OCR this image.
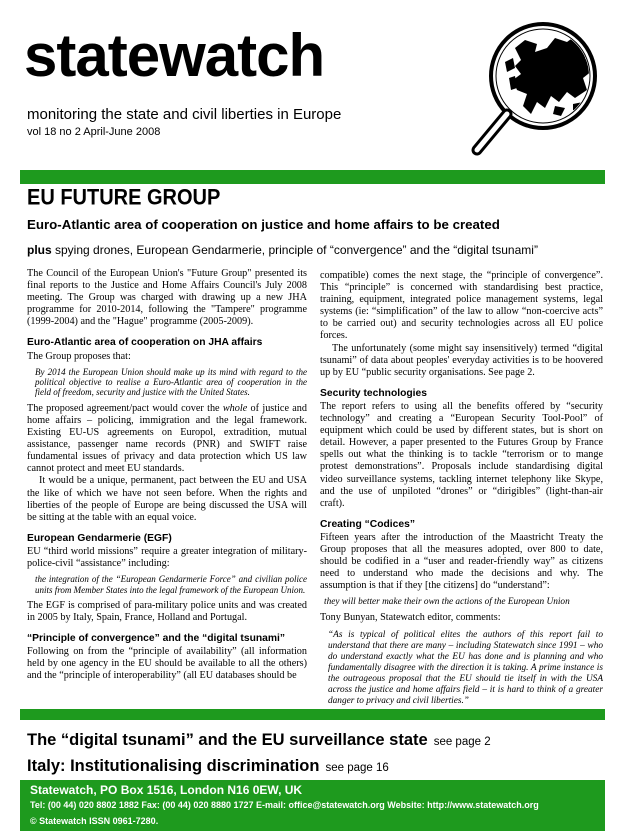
statewatch
monitoring the state and civil liberties in Europe
vol 18 no 2 April-June 2008
EU FUTURE GROUP
Euro-Atlantic area of cooperation on justice and home affairs to be created
plus spying drones, European Gendarmerie, principle of “convergence” and the “digital tsunami”

The Council of the European Union's "Future Group" presented its final reports to the Justice and Home Affairs Council's July 2008 meeting. The Group was charged with drawing up a new JHA programme for 2010-2014, following the "Tampere" programme (1999-2004) and the "Hague" programme (2005-2009).

Euro-Atlantic area of cooperation on JHA affairs

The Group proposes that:

By 2014 the European Union should make up its mind with regard to the political objective to realise a Euro-Atlantic area of cooperation in the field of freedom, security and justice with the United States.

The proposed agreement/pact would cover the whole of justice and home affairs – policing, immigration and the legal framework. Existing EU-US agreements on Europol, extradition, mutual assistance, passenger name records (PNR) and SWIFT raise fundamental issues of privacy and data protection which US law cannot protect and meet EU standards.

It would be a unique, permanent, pact between the EU and USA the like of which we have not seen before. When the rights and liberties of the people of Europe are being discussed the USA will be sitting at the table with an equal voice.

European Gendarmerie (EGF)

EU “third world missions” require a greater integration of military-police-civil “assistance” including:

the integration of the “European Gendarmerie Force” and civilian police units from Member States into the legal framework of the European Union.

The EGF is comprised of para-military police units and was created in 2005 by Italy, Spain, France, Holland and Portugal.

“Principle of convergence” and the “digital tsunami”

Following on from the “principle of availability” (all information held by one agency in the EU should be available to all the others) and the “principle of interoperability” (all EU databases should be

compatible) comes the next stage, the “principle of convergence”. This “principle” is concerned with standardising best practice, training, equipment, integrated police management systems, legal systems (ie: “simplification” of the law to allow “non-coercive acts” to be carried out) and security technologies across all EU police forces.

The unfortunately (some might say insensitively) termed “digital tsunami” of data about peoples' everyday activities is to be hoovered up by EU “public security organisations. See page 2.

Security technologies

The report refers to using all the benefits offered by “security technology” and creating a “European Security Tool-Pool” of equipment which could be used by different states, but is short on detail. However, a paper presented to the Futures Group by France spells out what the thinking is to tackle “terrorism or to mange protest demonstrations”. Proposals include standardising digital video surveillance systems, tackling internet telephony like Skype, and the use of unpiloted “drones” or “dirigibles” (light-than-air craft).

Creating “Codices”

Fifteen years after the introduction of the Maastricht Treaty the Group proposes that all the measures adopted, over 800 to date, should be codified in a “user and reader-friendly way” as citizens need to understand who made the decisions and why. The assumption is that if they [the citizens] do “understand”:

they will better make their own the actions of the European Union

Tony Bunyan, Statewatch editor, comments:

“As is typical of political elites the authors of this report fail to understand that there are many – including Statewatch since 1991 – who do understand exactly what the EU has done and is planning and who fundamentally disagree with the direction it is taking. A prime instance is the outrageous proposal that the EU should tie itself in with the USA across the justice and home affairs field – it is hard to think of a greater danger to privacy and civil liberties.”

The “digital tsunami” and the EU surveillance state see page 2
Italy: Institutionalising discrimination see page 16
Statewatch, PO Box 1516, London N16 0EW, UK
Tel: (00 44) 020 8802 1882 Fax: (00 44) 020 8880 1727 E-mail: office@statewatch.org Website: http://www.statewatch.org
© Statewatch ISSN 0961-7280.
